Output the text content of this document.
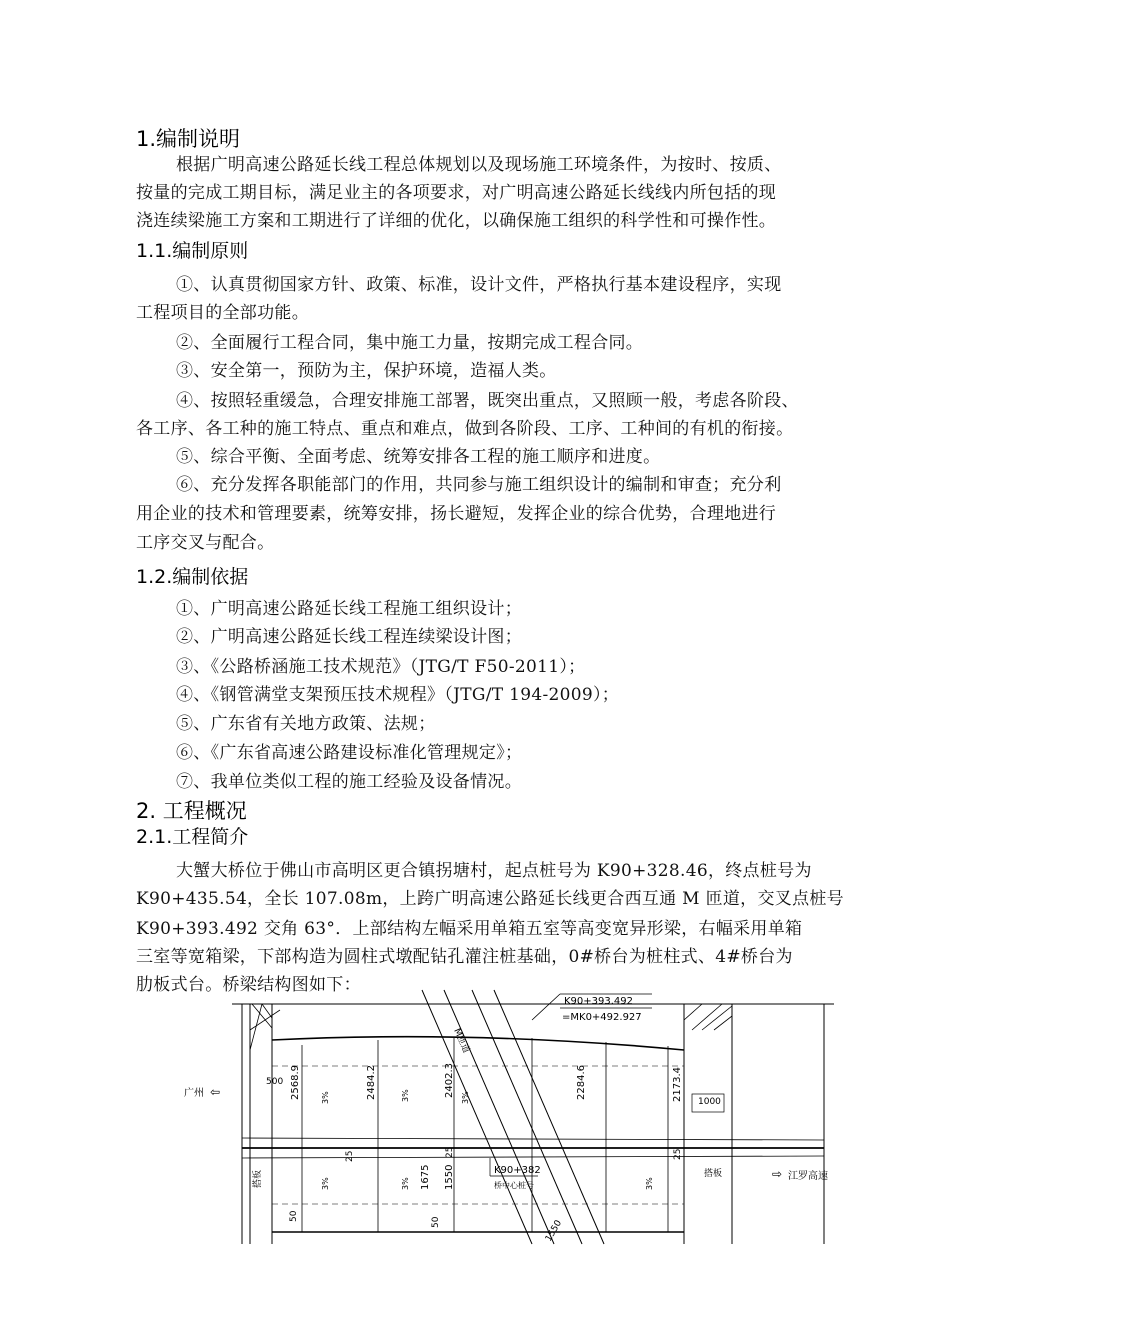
1.编制说明
根据广明高速公路延长线工程总体规划以及现场施工环境条件，为按时、按质、
按量的完成工期目标，满足业主的各项要求，对广明高速公路延长线线内所包括的现
浇连续梁施工方案和工期进行了详细的优化，以确保施工组织的科学性和可操作性。
1.1.编制原则
①、认真贯彻国家方针、政策、标准，设计文件，严格执行基本建设程序，实现
工程项目的全部功能。
②、全面履行工程合同，集中施工力量，按期完成工程合同。
③、安全第一，预防为主，保护环境，造福人类。
④、按照轻重缓急，合理安排施工部署，既突出重点，又照顾一般，考虑各阶段、
各工序、各工种的施工特点、重点和难点，做到各阶段、工序、工种间的有机的衔接。
⑤、综合平衡、全面考虑、统筹安排各工程的施工顺序和进度。
⑥、充分发挥各职能部门的作用，共同参与施工组织设计的编制和审查；充分利
用企业的技术和管理要素，统筹安排，扬长避短，发挥企业的综合优势，合理地进行
工序交叉与配合。
1.2.编制依据
①、广明高速公路延长线工程施工组织设计；
②、广明高速公路延长线工程连续梁设计图；
③、《公路桥涵施工技术规范》（JTG/T F50-2011）；
④、《钢管满堂支架预压技术规程》（JTG/T 194-2009）；
⑤、广东省有关地方政策、法规；
⑥、《广东省高速公路建设标准化管理规定》；
⑦、我单位类似工程的施工经验及设备情况。
2. 工程概况
2.1.工程简介
大蟹大桥位于佛山市高明区更合镇拐塘村，起点桩号为 K90+328.46，终点桩号为
K90+435.54，全长 107.08m，上跨广明高速公路延长线更合西互通 M 匝道，交叉点桩号
K90+393.492 交角 63°．上部结构左幅采用单箱五室等高变宽异形梁，右幅采用单箱
三室等宽箱梁，下部构造为圆柱式墩配钻孔灌注桩基础，0#桥台为桩柱式、4#桥台为
肋板式台。桥梁结构图如下：
M匝道
K90+393.492
=MK0+492.927
广州 ⇦
⇨ 江罗高速
500 2568.9	2484.2	2402.3	2284.6	2173.4 1000
3%	3%	3%
3%	3%	3%
搭板	搭板
1675 1550
25	25	25
50
50
1550
K90+382
桥中心桩号
